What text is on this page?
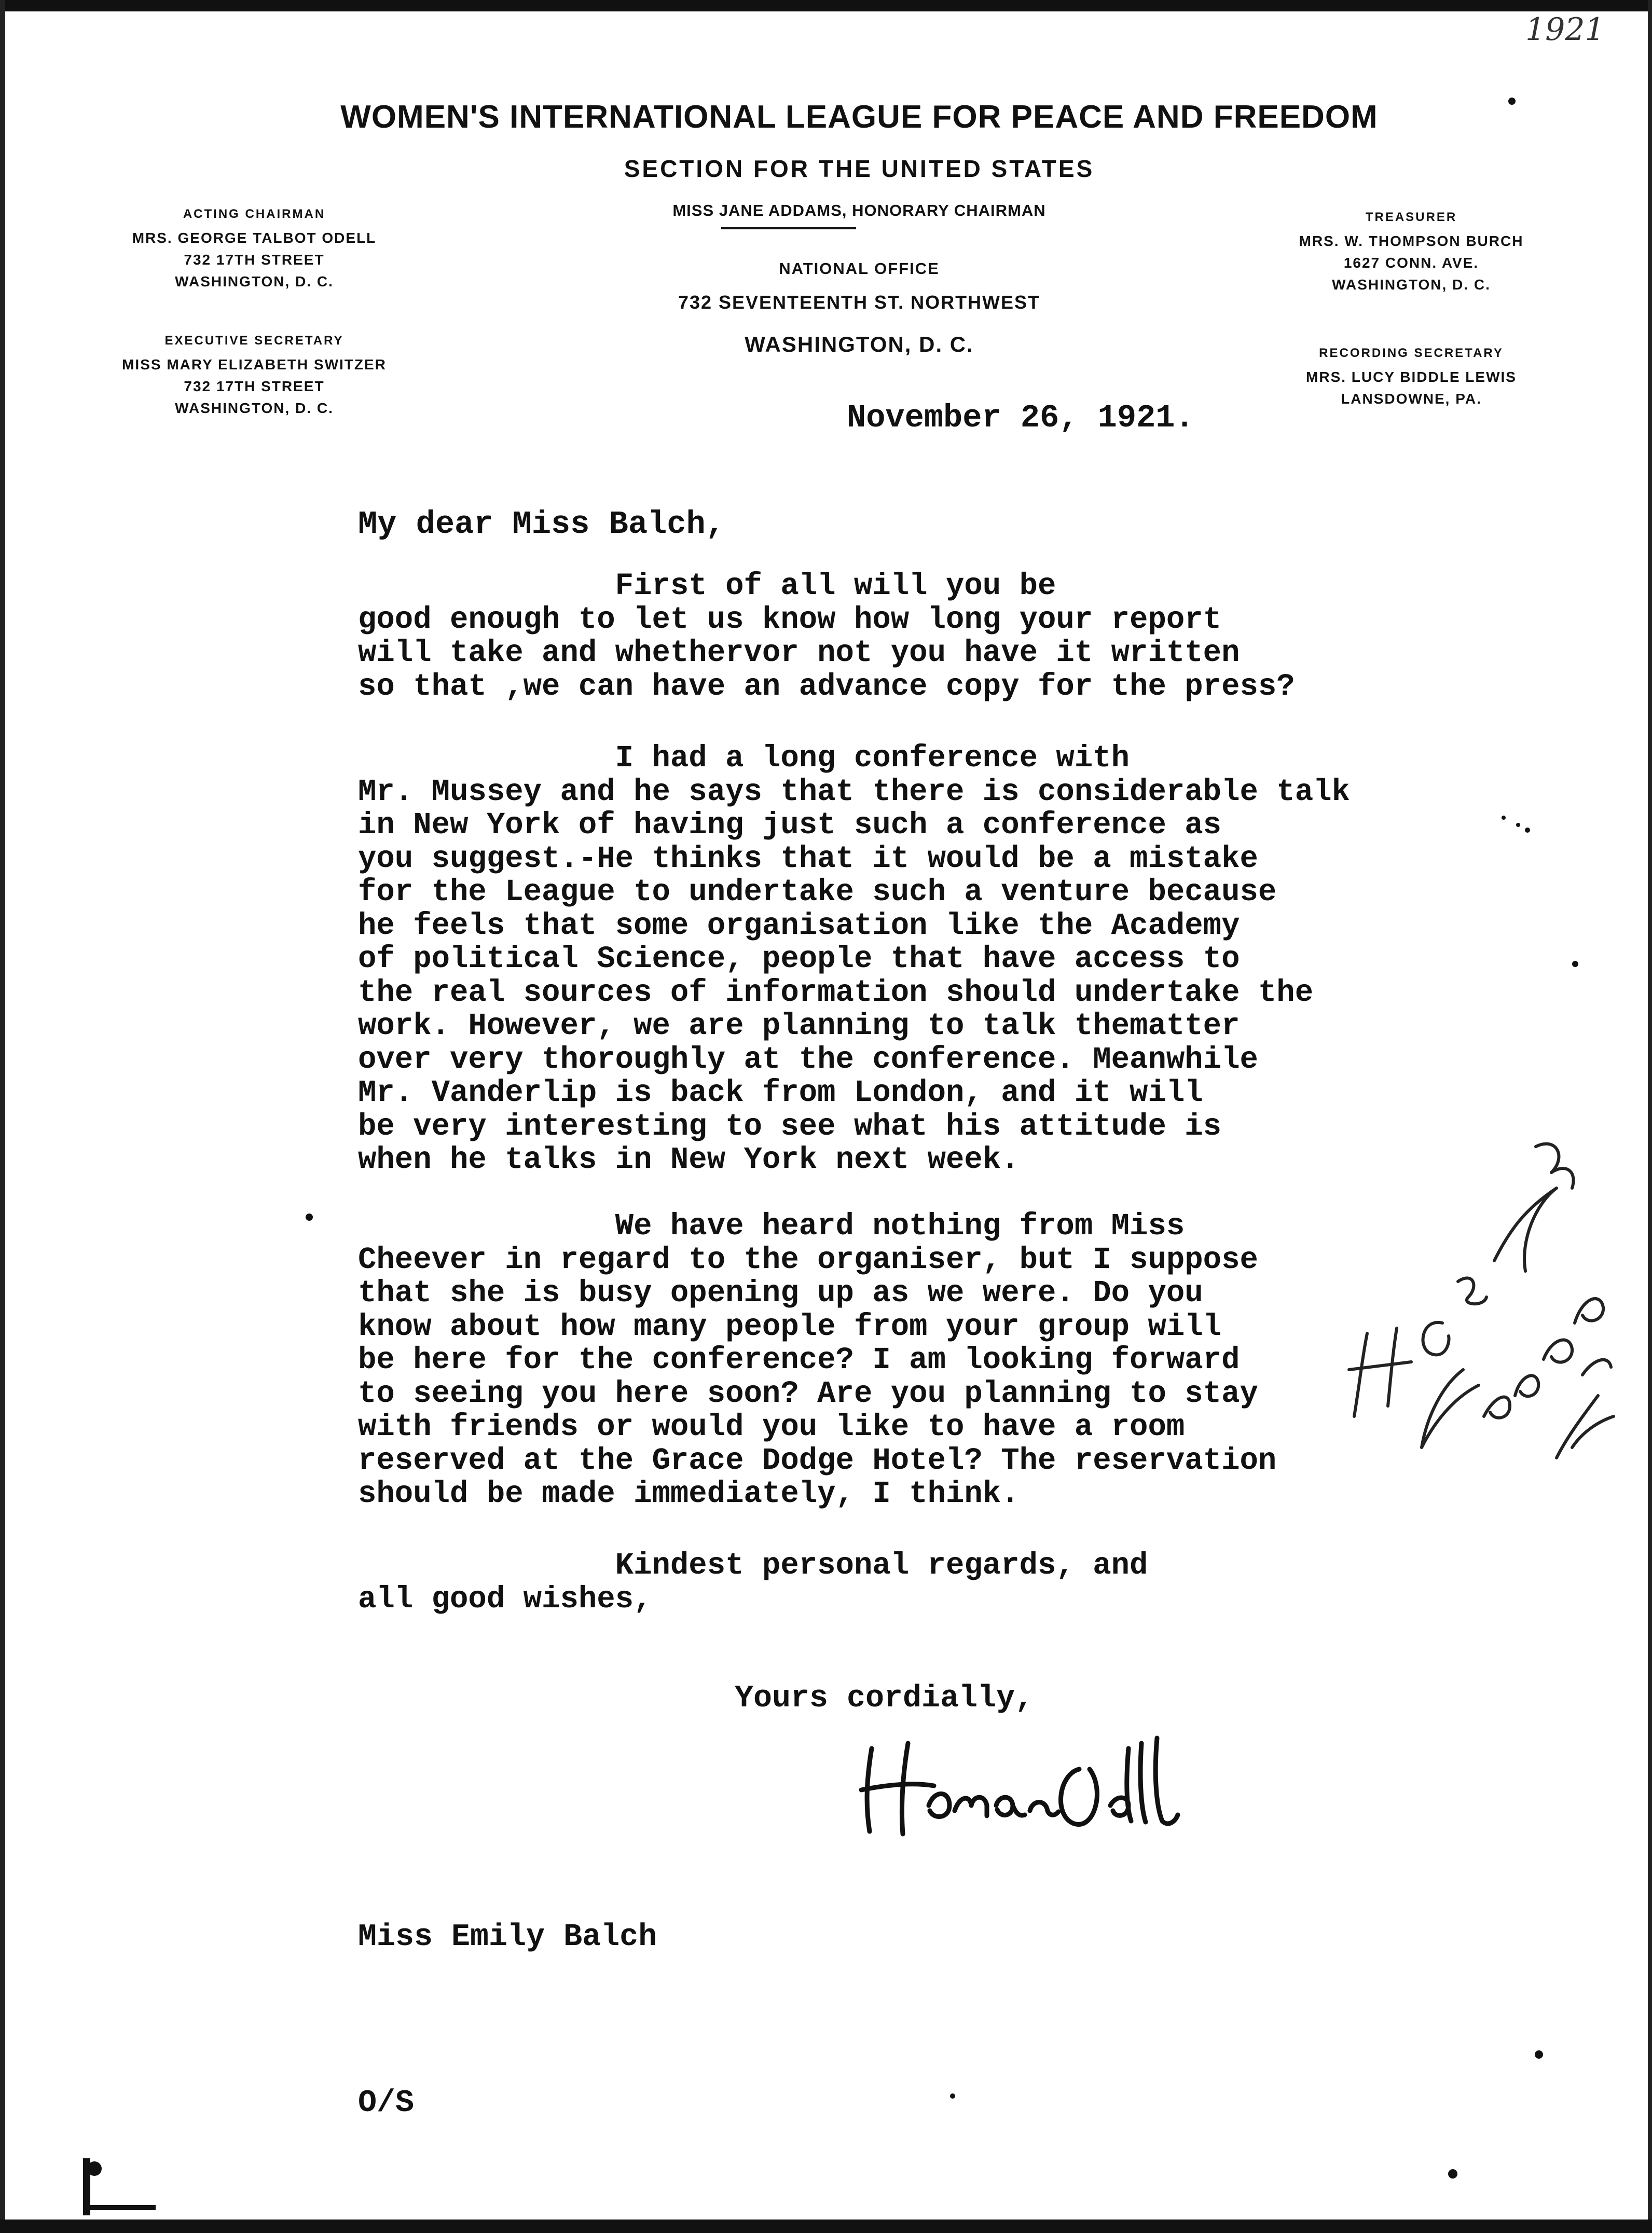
1921
WOMEN'S INTERNATIONAL LEAGUE FOR PEACE AND FREEDOM
SECTION FOR THE UNITED STATES
MISS JANE ADDAMS, HONORARY CHAIRMAN
NATIONAL OFFICE
732 SEVENTEENTH ST. NORTHWEST
WASHINGTON, D. C.
ACTING CHAIRMAN
MRS. GEORGE TALBOT ODELL
732 17TH STREET
WASHINGTON, D. C.
EXECUTIVE SECRETARY
MISS MARY ELIZABETH SWITZER
732 17TH STREET
WASHINGTON, D. C.
TREASURER
MRS. W. THOMPSON BURCH
1627 CONN. AVE.
WASHINGTON, D. C.
RECORDING SECRETARY
MRS. LUCY BIDDLE LEWIS
LANSDOWNE, PA.
November 26, 1921.
My dear Miss Balch,

First of all will you be
good enough to let us know how long your report
will take and whethervor not you have it written
so that ,we can have an advance copy for the press?

I had a long conference with
Mr. Mussey and he says that there is considerable talk
in New York of having just such a conference as
you suggest.-He thinks that it would be a mistake
for the League to undertake such a venture because
he feels that some organisation like the Academy
of political Science, people that have access to
the real sources of information should undertake the
work. However, we are planning to talk thematter
over very thoroughly at the conference. Meanwhile
Mr. Vanderlip is back from London, and it will
be very interesting to see what his attitude is
when he talks in New York next week.

We have heard nothing from Miss
Cheever in regard to the organiser, but I suppose
that she is busy opening up as we were. Do you
know about how many people from your group will
be here for the conference? I am looking forward
to seeing you here soon? Are you planning to stay
with friends or would you like to have a room
reserved at the Grace Dodge Hotel? The reservation
should be made immediately, I think.

Kindest personal regards, and
all good wishes,

Yours cordially,
Miss Emily Balch
O/S
